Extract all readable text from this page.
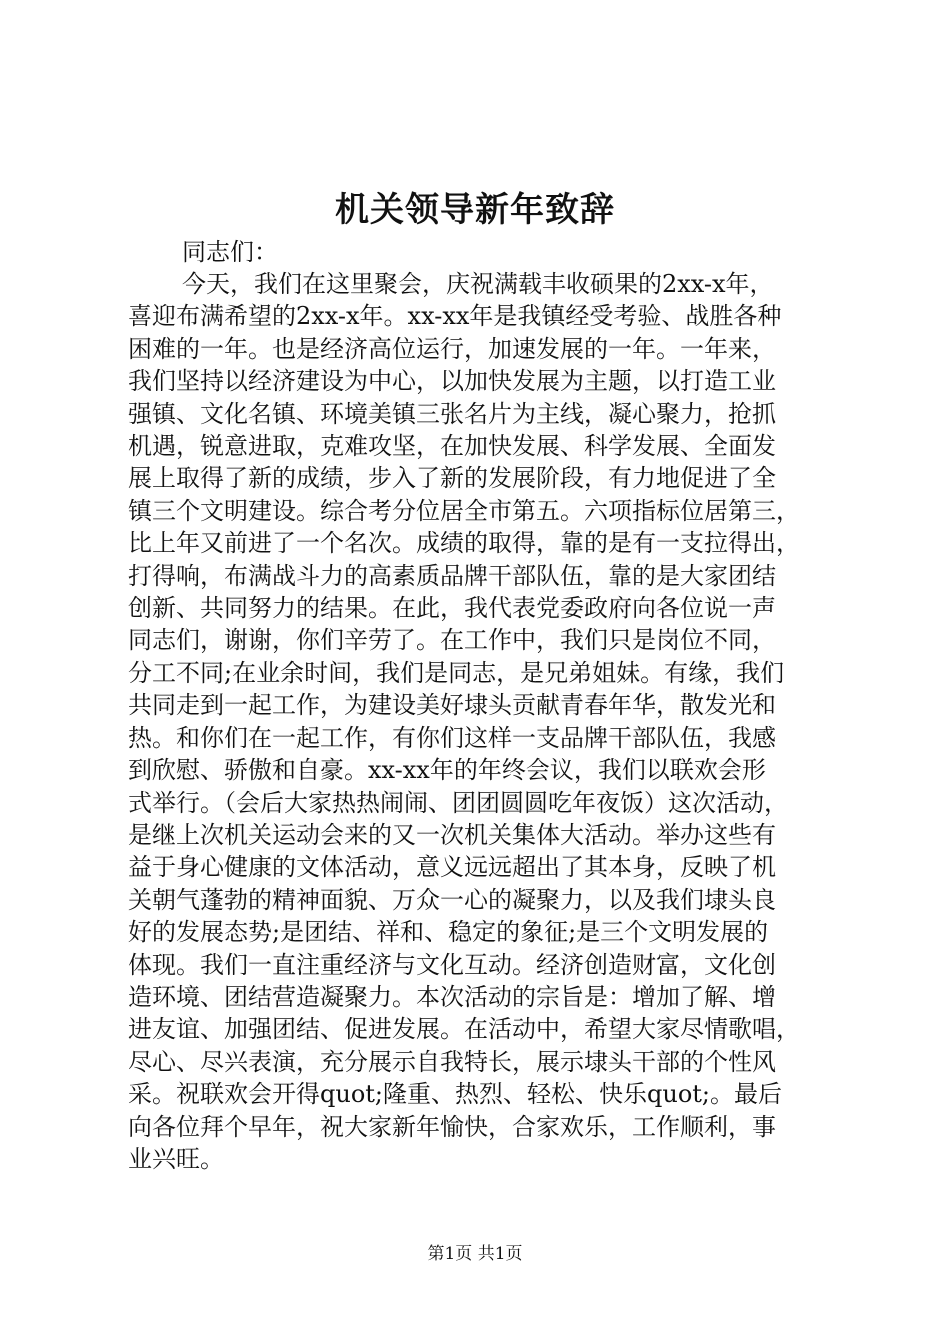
机关领导新年致辞

同志们：

今天，我们在这里聚会，庆祝满载丰收硕果的2xx-x年，
喜迎布满希望的2xx-x年。xx-xx年是我镇经受考验、战胜各种
困难的一年。也是经济高位运行，加速发展的一年。一年来，
我们坚持以经济建设为中心，以加快发展为主题，以打造工业
强镇、文化名镇、环境美镇三张名片为主线，凝心聚力，抢抓
机遇，锐意进取，克难攻坚，在加快发展、科学发展、全面发
展上取得了新的成绩，步入了新的发展阶段，有力地促进了全
镇三个文明建设。综合考分位居全市第五。六项指标位居第三，
比上年又前进了一个名次。成绩的取得，靠的是有一支拉得出，
打得响，布满战斗力的高素质品牌干部队伍，靠的是大家团结
创新、共同努力的结果。在此，我代表党委政府向各位说一声
同志们，谢谢，你们辛劳了。在工作中，我们只是岗位不同，
分工不同;在业余时间，我们是同志，是兄弟姐妹。有缘，我们
共同走到一起工作，为建设美好埭头贡献青春年华，散发光和
热。和你们在一起工作，有你们这样一支品牌干部队伍，我感
到欣慰、骄傲和自豪。xx-xx年的年终会议，我们以联欢会形
式举行。（会后大家热热闹闹、团团圆圆吃年夜饭）这次活动，
是继上次机关运动会来的又一次机关集体大活动。举办这些有
益于身心健康的文体活动，意义远远超出了其本身，反映了机
关朝气蓬勃的精神面貌、万众一心的凝聚力，以及我们埭头良
好的发展态势;是团结、祥和、稳定的象征;是三个文明发展的
体现。我们一直注重经济与文化互动。经济创造财富，文化创
造环境、团结营造凝聚力。本次活动的宗旨是：增加了解、增
进友谊、加强团结、促进发展。在活动中，希望大家尽情歌唱，
尽心、尽兴表演，充分展示自我特长，展示埭头干部的个性风
采。祝联欢会开得quot;隆重、热烈、轻松、快乐quot;。最后
向各位拜个早年，祝大家新年愉快，合家欢乐，工作顺利，事
业兴旺。

第1页 共1页
